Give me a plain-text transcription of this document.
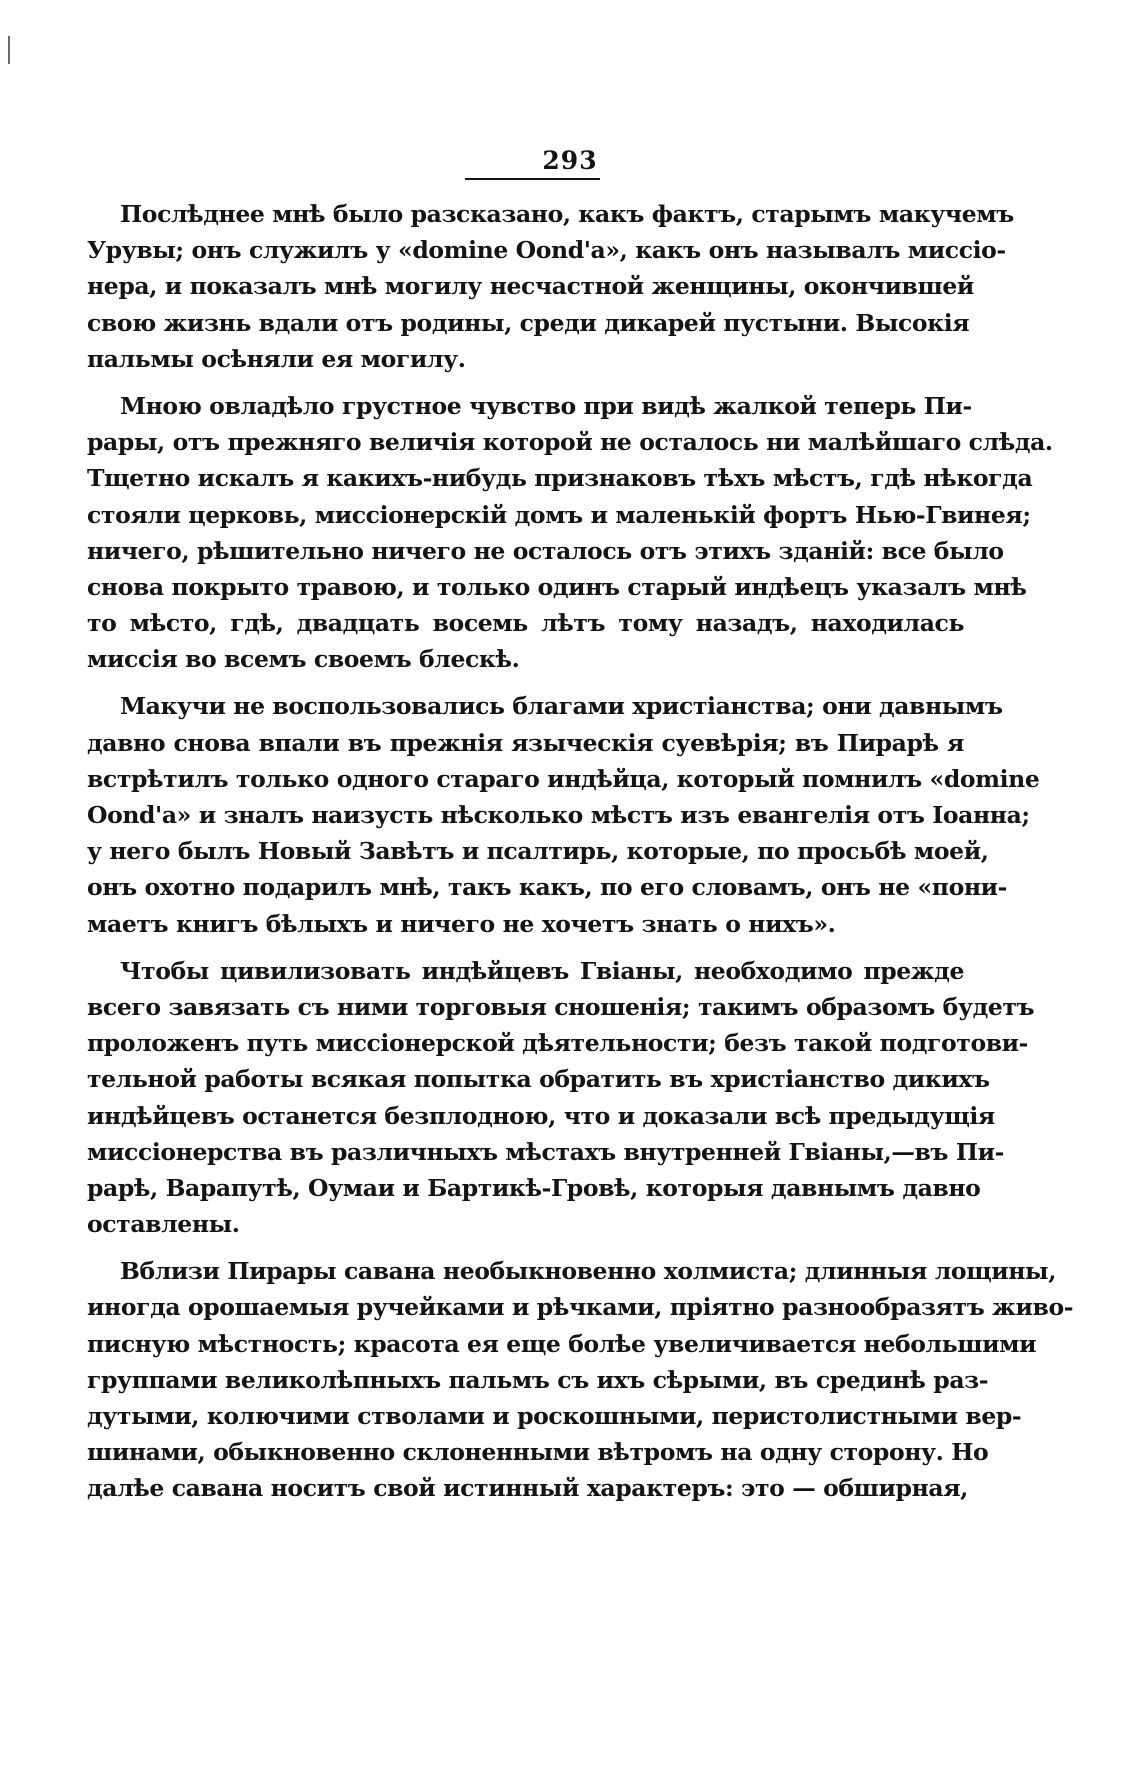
293
Послѣднее мнѣ было разсказано, какъ фактъ, старымъ макучемъ
Урувы; онъ служилъ у «domine Oond'a», какъ онъ называлъ миссіо-
нера, и показалъ мнѣ могилу несчастной женщины, окончившей
свою жизнь вдали отъ родины, среди дикарей пустыни. Высокія
пальмы осѣняли ея могилу.
Мною овладѣло грустное чувство при видѣ жалкой теперь Пи-
рары, отъ прежняго величія которой не осталось ни малѣйшаго слѣда.
Тщетно искалъ я какихъ-нибудь признаковъ тѣхъ мѣстъ, гдѣ нѣкогда
стояли церковь, миссіонерскій домъ и маленькій фортъ Нью-Гвинея;
ничего, рѣшительно ничего не осталось отъ этихъ зданій: все было
снова покрыто травою, и только одинъ старый индѣецъ указалъ мнѣ
то мѣсто, гдѣ, двадцать восемь лѣтъ тому назадъ, находилась
миссія во всемъ своемъ блескѣ.
Макучи не воспользовались благами христіанства; они давнымъ
давно снова впали въ прежнія языческія суевѣрія; въ Пирарѣ я
встрѣтилъ только одного стараго индѣйца, который помнилъ «domine
Oond'a» и зналъ наизусть нѣсколько мѣстъ изъ евангелія отъ Іоанна;
у него былъ Новый Завѣтъ и псалтирь, которые, по просьбѣ моей,
онъ охотно подарилъ мнѣ, такъ какъ, по его словамъ, онъ не «пони-
маетъ книгъ бѣлыхъ и ничего не хочетъ знать о нихъ».
Чтобы цивилизовать индѣйцевъ Гвіаны, необходимо прежде
всего завязать съ ними торговыя сношенія; такимъ образомъ будетъ
проложенъ путь миссіонерской дѣятельности; безъ такой подготови-
тельной работы всякая попытка обратить въ христіанство дикихъ
индѣйцевъ останется безплодною, что и доказали всѣ предыдущія
миссіонерства въ различныхъ мѣстахъ внутренней Гвіаны,—въ Пи-
рарѣ, Варапутѣ, Оумаи и Бартикѣ-Гровѣ, которыя давнымъ давно
оставлены.
Вблизи Пирары савана необыкновенно холмиста; длинныя лощины,
иногда орошаемыя ручейками и рѣчками, пріятно разнообразятъ живо-
писную мѣстность; красота ея еще болѣе увеличивается небольшими
группами великолѣпныхъ пальмъ съ ихъ сѣрыми, въ срединѣ раз-
дутыми, колючими стволами и роскошными, перистолистными вер-
шинами, обыкновенно склоненными вѣтромъ на одну сторону. Но
далѣе савана носитъ свой истинный характеръ: это — обширная,
